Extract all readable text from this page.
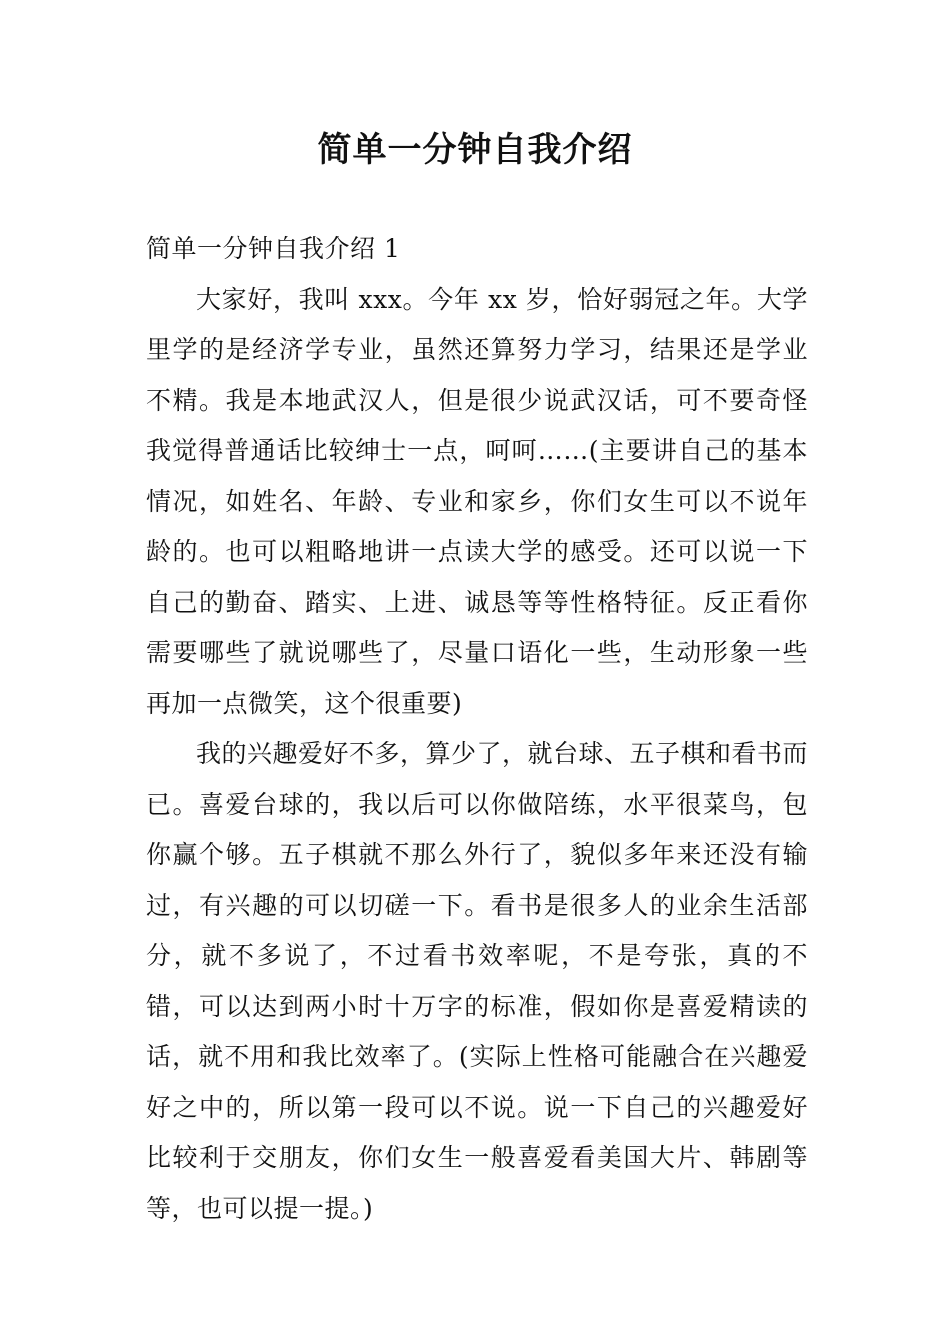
简单一分钟自我介绍
简单一分钟自我介绍 1

大家好，我叫 xxx。今年 xx 岁，恰好弱冠之年。大学里学的是经济学专业，虽然还算努力学习，结果还是学业不精。我是本地武汉人，但是很少说武汉话，可不要奇怪我觉得普通话比较绅士一点，呵呵……(主要讲自己的基本情况，如姓名、年龄、专业和家乡，你们女生可以不说年龄的。也可以粗略地讲一点读大学的感受。还可以说一下自己的勤奋、踏实、上进、诚恳等等性格特征。反正看你需要哪些了就说哪些了，尽量口语化一些，生动形象一些再加一点微笑，这个很重要)

我的兴趣爱好不多，算少了，就台球、五子棋和看书而已。喜爱台球的，我以后可以你做陪练，水平很菜鸟，包你赢个够。五子棋就不那么外行了，貌似多年来还没有输过，有兴趣的可以切磋一下。看书是很多人的业余生活部分，就不多说了，不过看书效率呢，不是夸张，真的不错，可以达到两小时十万字的标准，假如你是喜爱精读的话，就不用和我比效率了。(实际上性格可能融合在兴趣爱好之中的，所以第一段可以不说。说一下自己的兴趣爱好比较利于交朋友，你们女生一般喜爱看美国大片、韩剧等等，也可以提一提。)
